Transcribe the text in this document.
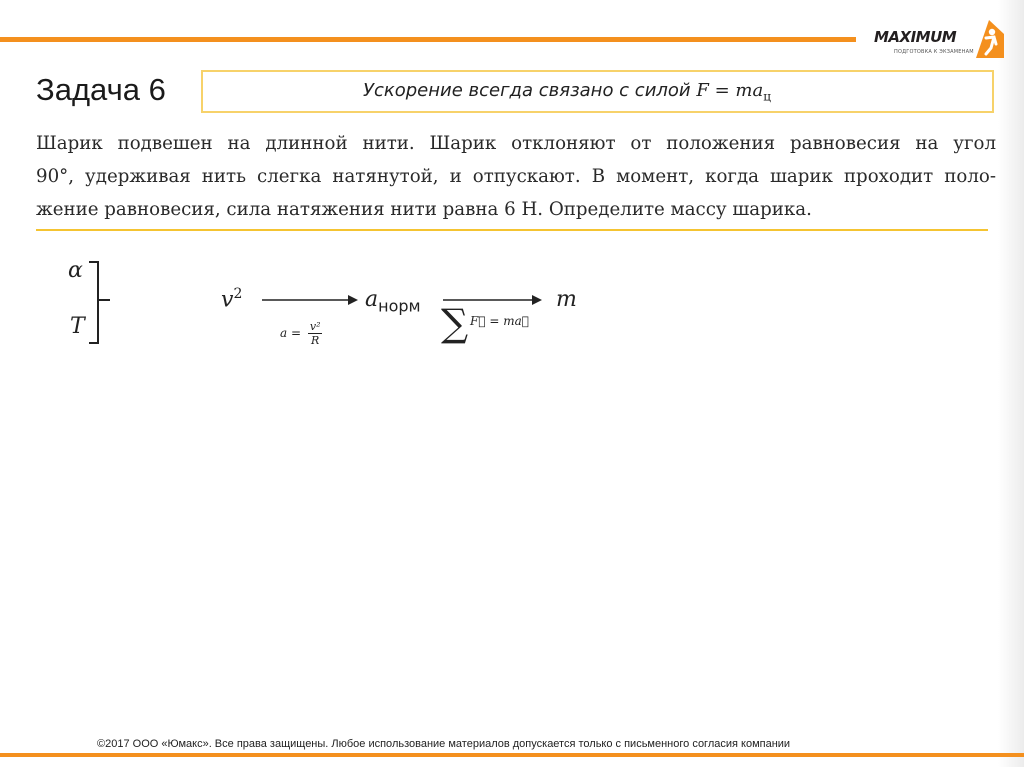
MAXIMUM
ПОДГОТОВКА К ЭКЗАМЕНАМ
Задача 6	Ускорение всегда связано с силой $F = ma_ц$
Шарик подвешен на длинной нити. Шарик отклоняют от положения равновесия на угол
90°, удерживая нить слегка натянутой, и отпускают. В момент, когда шарик проходит поло-
жение равновесия, сила натяжения нити равна 6 Н. Определите массу шарика.
α
T
$v^2$	$a_{норм}$	m
$a = \frac{\text{v²}}{R}$	∑ F⃗ = ma⃗
©2017 ООО «Юмакс». Все права защищены. Любое использование материалов допускается только с письменного согласия компании
